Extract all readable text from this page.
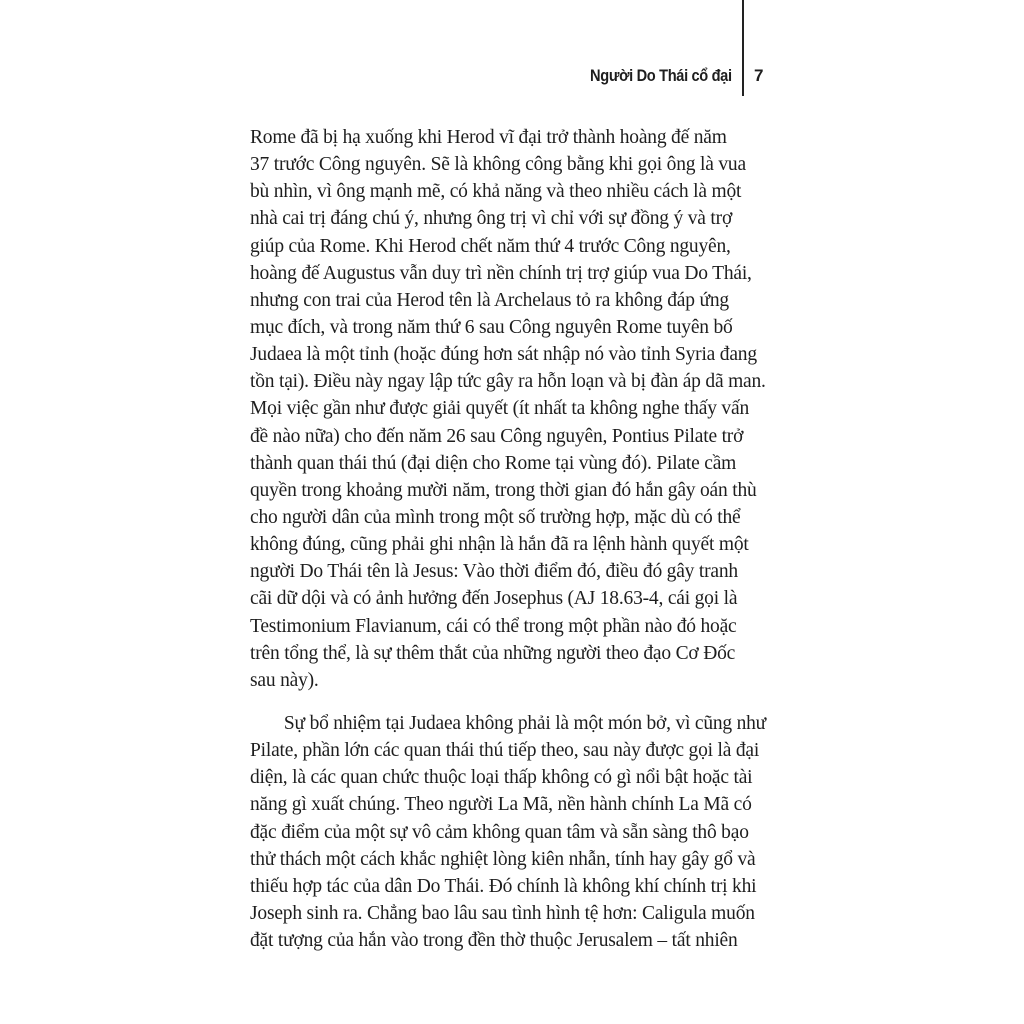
Người Do Thái cổ đại 7
Rome đã bị hạ xuống khi Herod vĩ đại trở thành hoàng đế năm
37 trước Công nguyên. Sẽ là không công bằng khi gọi ông là vua
bù nhìn, vì ông mạnh mẽ, có khả năng và theo nhiều cách là một
nhà cai trị đáng chú ý, nhưng ông trị vì chỉ với sự đồng ý và trợ
giúp của Rome. Khi Herod chết năm thứ 4 trước Công nguyên,
hoàng đế Augustus vẫn duy trì nền chính trị trợ giúp vua Do Thái,
nhưng con trai của Herod tên là Archelaus tỏ ra không đáp ứng
mục đích, và trong năm thứ 6 sau Công nguyên Rome tuyên bố
Judaea là một tỉnh (hoặc đúng hơn sát nhập nó vào tỉnh Syria đang
tồn tại). Điều này ngay lập tức gây ra hỗn loạn và bị đàn áp dã man.
Mọi việc gần như được giải quyết (ít nhất ta không nghe thấy vấn
đề nào nữa) cho đến năm 26 sau Công nguyên, Pontius Pilate trở
thành quan thái thú (đại diện cho Rome tại vùng đó). Pilate cầm
quyền trong khoảng mười năm, trong thời gian đó hắn gây oán thù
cho người dân của mình trong một số trường hợp, mặc dù có thể
không đúng, cũng phải ghi nhận là hắn đã ra lệnh hành quyết một
người Do Thái tên là Jesus: Vào thời điểm đó, điều đó gây tranh
cãi dữ dội và có ảnh hưởng đến Josephus (AJ 18.63-4, cái gọi là
Testimonium Flavianum, cái có thể trong một phần nào đó hoặc
trên tổng thể, là sự thêm thắt của những người theo đạo Cơ Đốc
sau này).
Sự bổ nhiệm tại Judaea không phải là một món bở, vì cũng như
Pilate, phần lớn các quan thái thú tiếp theo, sau này được gọi là đại
diện, là các quan chức thuộc loại thấp không có gì nổi bật hoặc tài
năng gì xuất chúng. Theo người La Mã, nền hành chính La Mã có
đặc điểm của một sự vô cảm không quan tâm và sẵn sàng thô bạo
thử thách một cách khắc nghiệt lòng kiên nhẫn, tính hay gây gổ và
thiếu hợp tác của dân Do Thái. Đó chính là không khí chính trị khi
Joseph sinh ra. Chẳng bao lâu sau tình hình tệ hơn: Caligula muốn
đặt tượng của hắn vào trong đền thờ thuộc Jerusalem – tất nhiên
